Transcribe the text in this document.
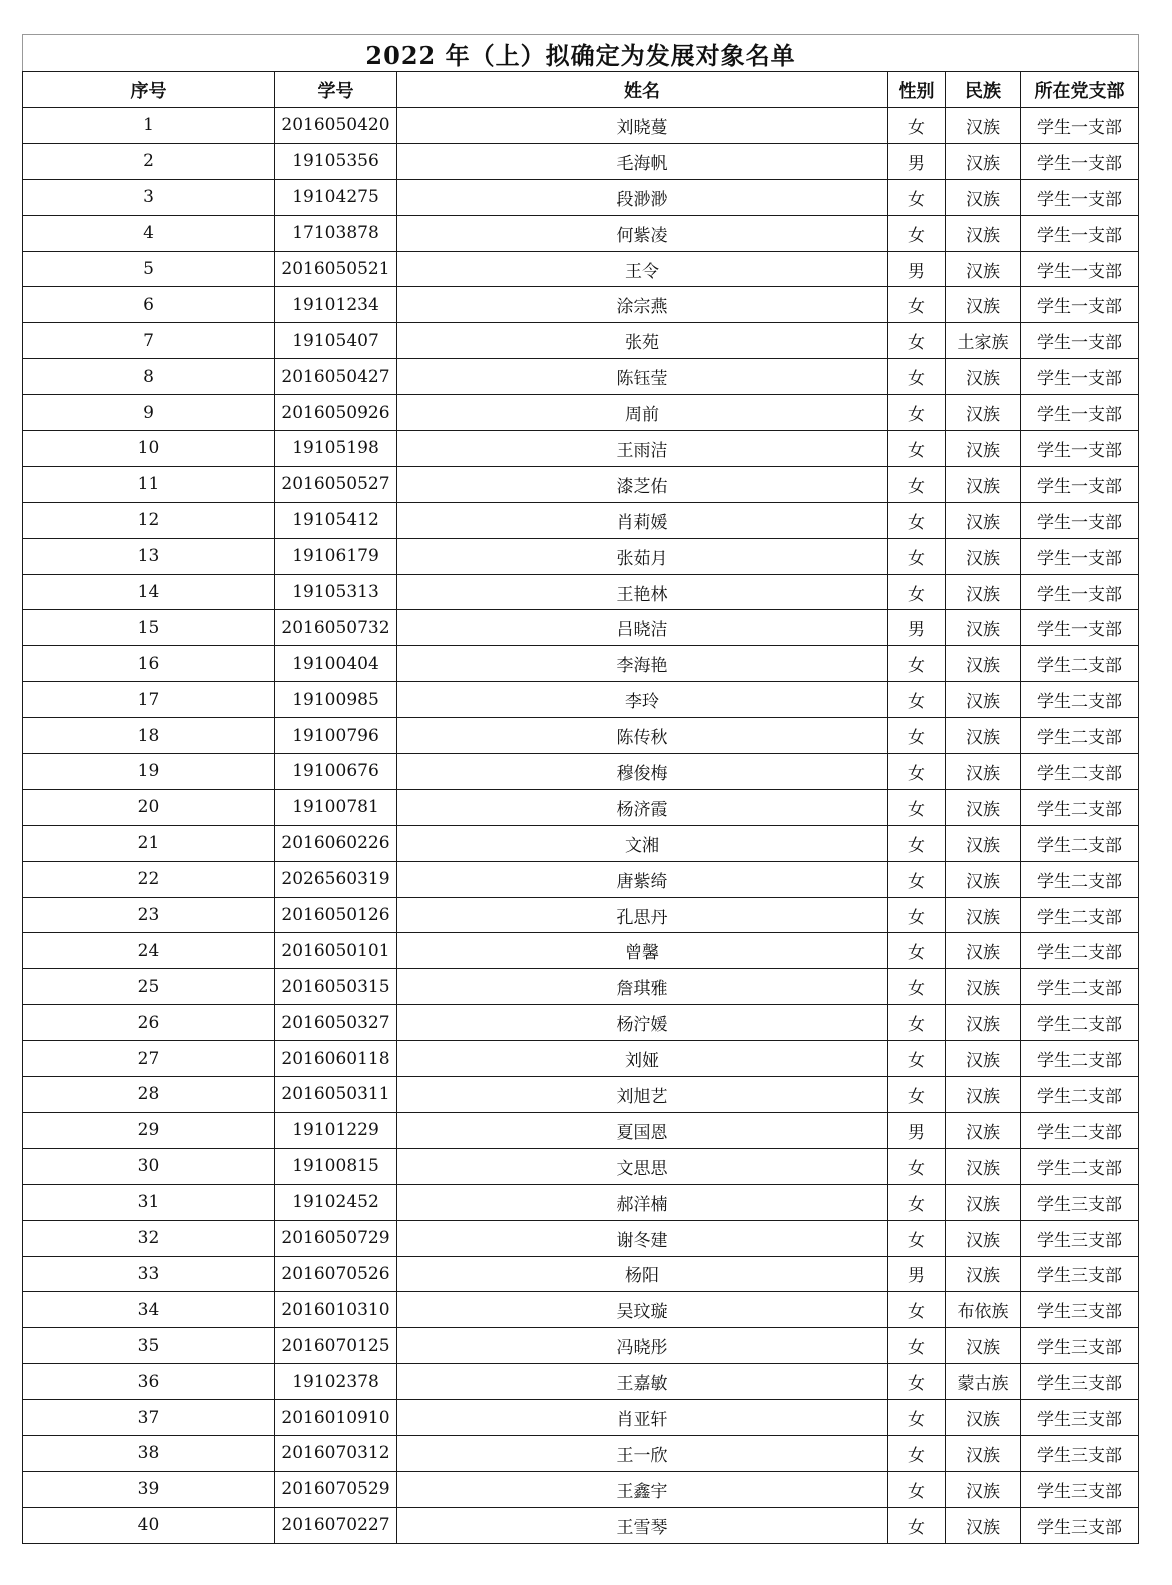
2022 年（上）拟确定为发展对象名单					
序号	学号	姓名	性别	民族	所在党支部
1	2016050420	刘晓蔓	女	汉族	学生一支部
2	19105356	毛海帆	男	汉族	学生一支部
3	19104275	段渺渺	女	汉族	学生一支部
4	17103878	何紫凌	女	汉族	学生一支部
5	2016050521	王令	男	汉族	学生一支部
6	19101234	涂宗燕	女	汉族	学生一支部
7	19105407	张苑	女	土家族	学生一支部
8	2016050427	陈钰莹	女	汉族	学生一支部
9	2016050926	周前	女	汉族	学生一支部
10	19105198	王雨洁	女	汉族	学生一支部
11	2016050527	漆芝佑	女	汉族	学生一支部
12	19105412	肖莉媛	女	汉族	学生一支部
13	19106179	张茹月	女	汉族	学生一支部
14	19105313	王艳林	女	汉族	学生一支部
15	2016050732	吕晓洁	男	汉族	学生一支部
16	19100404	李海艳	女	汉族	学生二支部
17	19100985	李玲	女	汉族	学生二支部
18	19100796	陈传秋	女	汉族	学生二支部
19	19100676	穆俊梅	女	汉族	学生二支部
20	19100781	杨济霞	女	汉族	学生二支部
21	2016060226	文湘	女	汉族	学生二支部
22	2026560319	唐紫绮	女	汉族	学生二支部
23	2016050126	孔思丹	女	汉族	学生二支部
24	2016050101	曾馨	女	汉族	学生二支部
25	2016050315	詹琪雅	女	汉族	学生二支部
26	2016050327	杨泞媛	女	汉族	学生二支部
27	2016060118	刘娅	女	汉族	学生二支部
28	2016050311	刘旭艺	女	汉族	学生二支部
29	19101229	夏国恩	男	汉族	学生二支部
30	19100815	文思思	女	汉族	学生二支部
31	19102452	郝洋楠	女	汉族	学生三支部
32	2016050729	谢冬建	女	汉族	学生三支部
33	2016070526	杨阳	男	汉族	学生三支部
34	2016010310	吴玟璇	女	布依族	学生三支部
35	2016070125	冯晓彤	女	汉族	学生三支部
36	19102378	王嘉敏	女	蒙古族	学生三支部
37	2016010910	肖亚轩	女	汉族	学生三支部
38	2016070312	王一欣	女	汉族	学生三支部
39	2016070529	王鑫宇	女	汉族	学生三支部
40	2016070227	王雪琴	女	汉族	学生三支部
